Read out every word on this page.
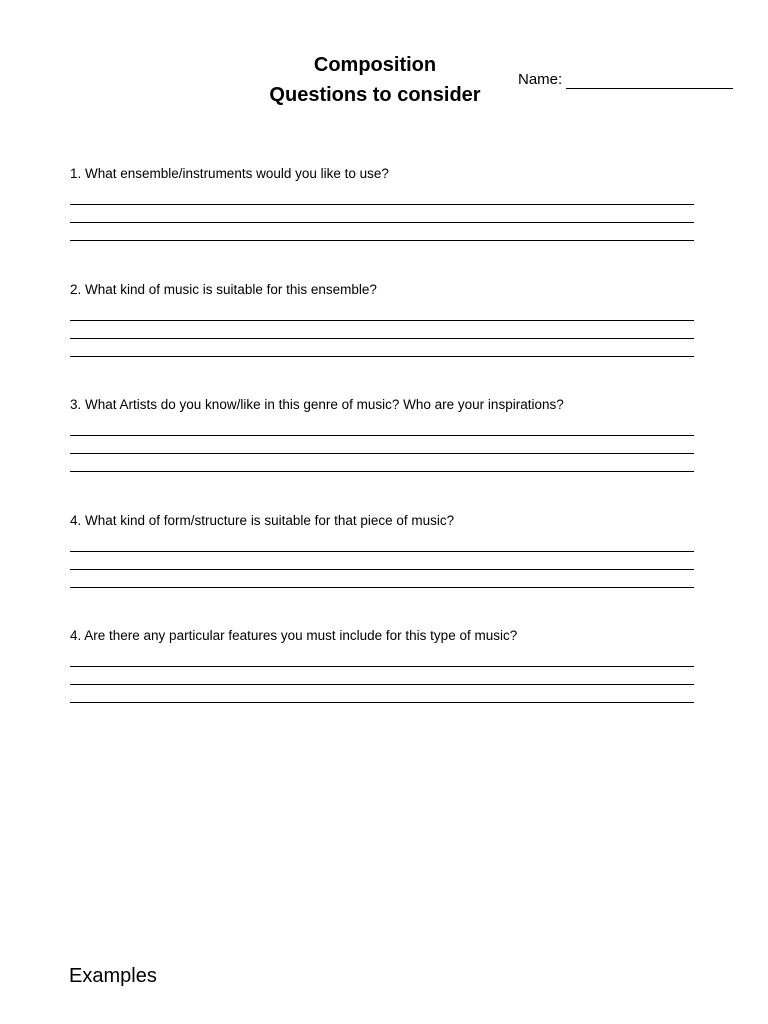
Composition
Questions to consider
Name:

1. What ensemble/instruments would you like to use?

2. What kind of music is suitable for this ensemble?

3. What Artists do you know/like in this genre of music? Who are your inspirations?

4. What kind of form/structure is suitable for that piece of music?

4. Are there any particular features you must include for this type of music?

Examples
